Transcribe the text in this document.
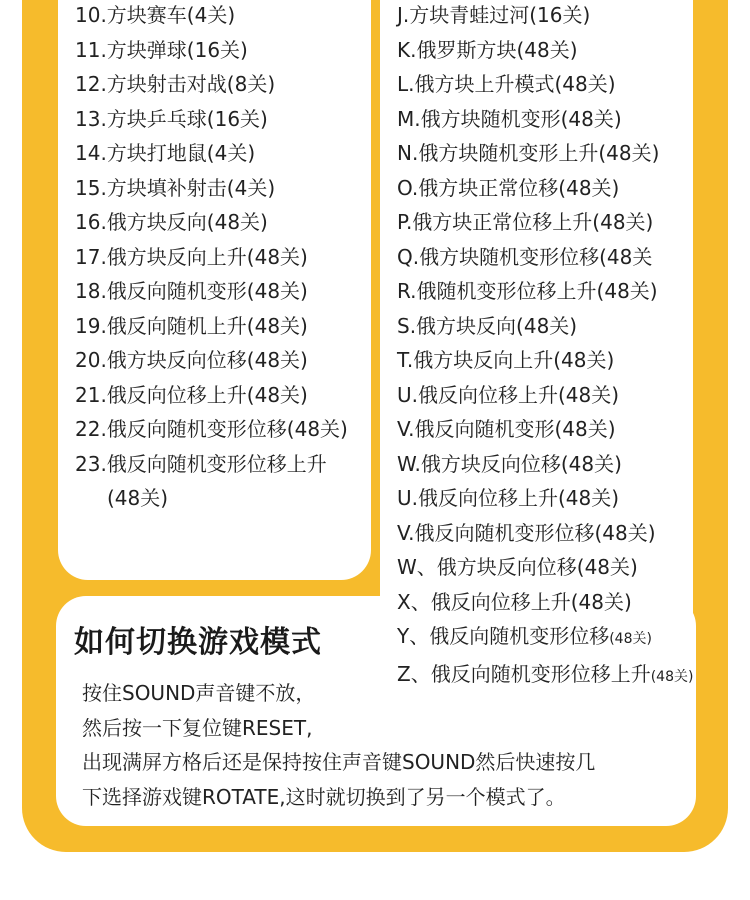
10.方块赛车(4关)
11.方块弹球(16关)
12.方块射击对战(8关)
13.方块乒乓球(16关)
14.方块打地鼠(4关)
15.方块填补射击(4关)
16.俄方块反向(48关)
17.俄方块反向上升(48关)
18.俄反向随机变形(48关)
19.俄反向随机上升(48关)
20.俄方块反向位移(48关)
21.俄反向位移上升(48关)
22.俄反向随机变形位移(48关)
23.俄反向随机变形位移上升
(48关)
J.方块青蛙过河(16关)
K.俄罗斯方块(48关)
L.俄方块上升模式(48关)
M.俄方块随机变形(48关)
N.俄方块随机变形上升(48关)
O.俄方块正常位移(48关)
P.俄方块正常位移上升(48关)
Q.俄方块随机变形位移(48关
R.俄随机变形位移上升(48关)
S.俄方块反向(48关)
T.俄方块反向上升(48关)
U.俄反向位移上升(48关)
V.俄反向随机变形(48关)
W.俄方块反向位移(48关)
U.俄反向位移上升(48关)
V.俄反向随机变形位移(48关)
W、俄方块反向位移(48关)
X、俄反向位移上升(48关)
Y、俄反向随机变形位移(48关)
Z、俄反向随机变形位移上升(48关)
如何切换游戏模式

按住SOUND声音键不放，

然后按一下复位键RESET,

出现满屏方格后还是保持按住声音键SOUND然后快速按几

下选择游戏键ROTATE,这时就切换到了另一个模式了。
